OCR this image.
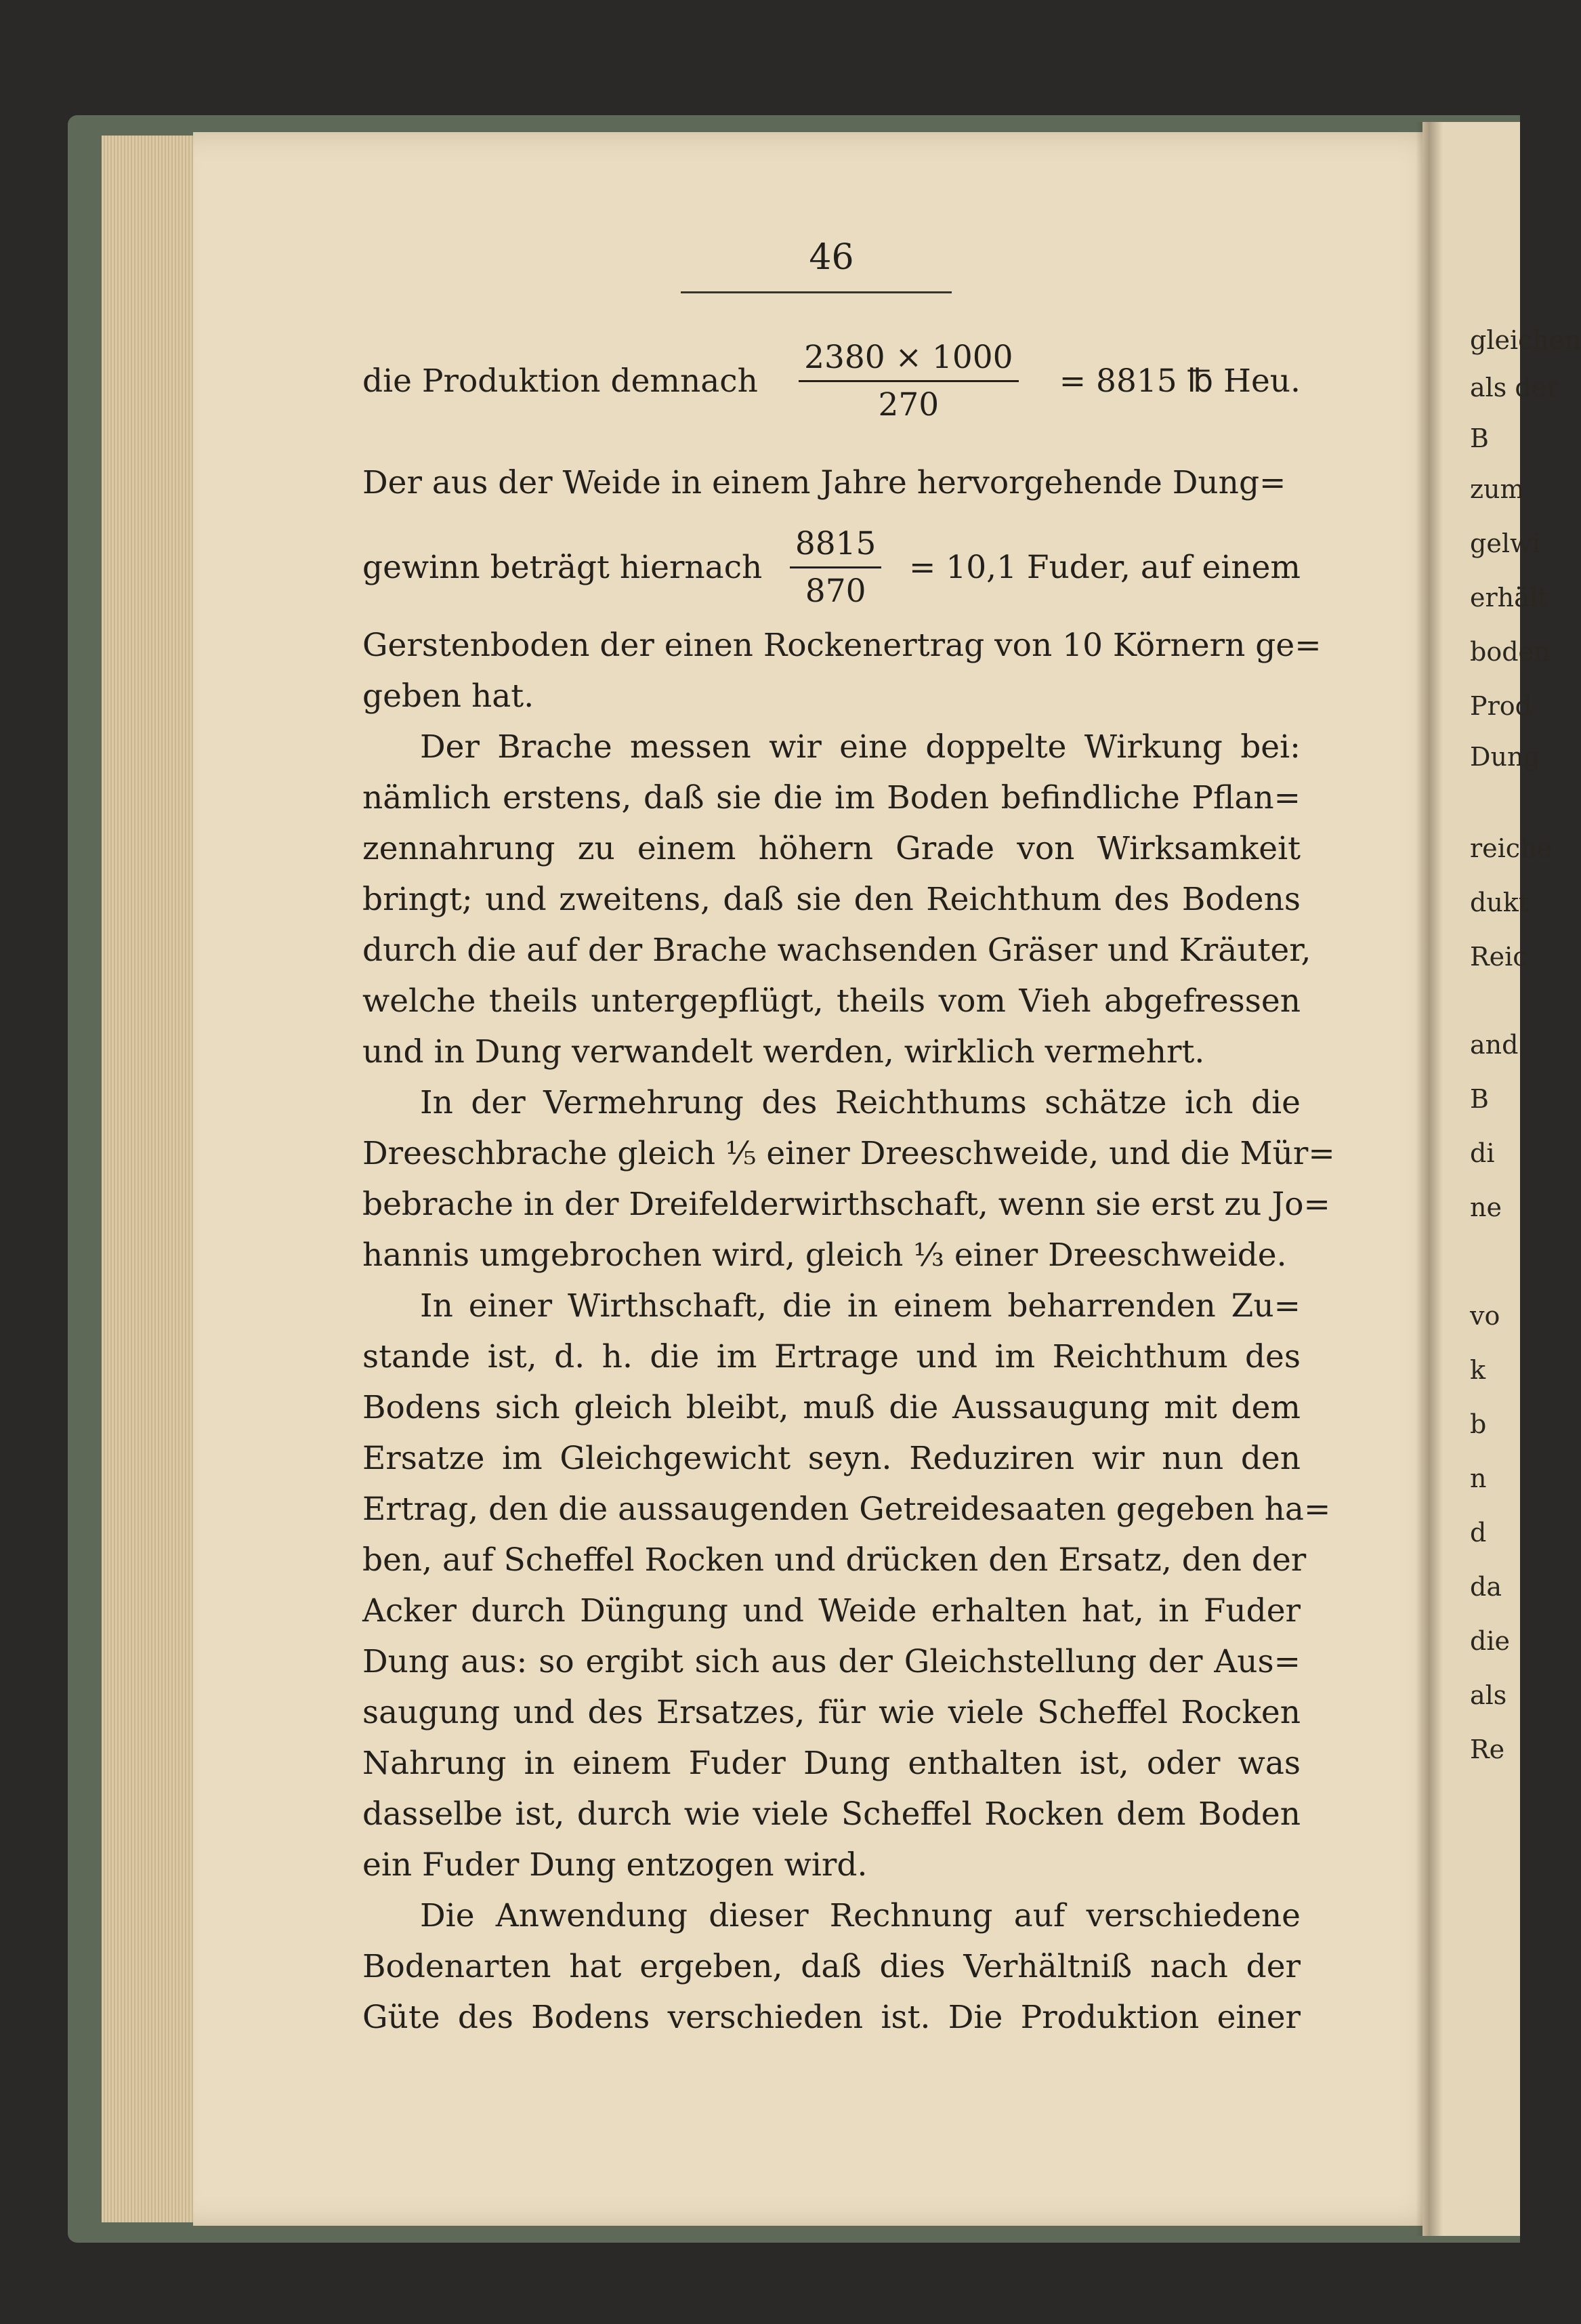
gleichen
als der
B
zum
gelwi
erhält
boden
Prod
Dung
reiche
dukt
Reic
and
B
di
ne
vo
k
b
n
d
da
die
als
Re
46
die Produktion demnach $\frac{2380 \times 1000}{270} = 8815$ ℔ Heu.
Der aus der Weide in einem Jahre hervorgehende Dung=
gewinn beträgt hiernach $\frac{8815}{870} = 10,1$ Fuder, auf einem
Gerstenboden der einen Rockenertrag von 10 Körnern ge=
geben hat.
Der Brache messen wir eine doppelte Wirkung bei:
nämlich erstens, daß sie die im Boden befindliche Pflan=
zennahrung zu einem höhern Grade von Wirksamkeit
bringt; und zweitens, daß sie den Reichthum des Bodens
durch die auf der Brache wachsenden Gräser und Kräuter,
welche theils untergepflügt, theils vom Vieh abgefressen
und in Dung verwandelt werden, wirklich vermehrt.
In der Vermehrung des Reichthums schätze ich die
Dreeschbrache gleich ⅕ einer Dreeschweide, und die Mür=
bebrache in der Dreifelderwirthschaft, wenn sie erst zu Jo=
hannis umgebrochen wird, gleich ⅓ einer Dreeschweide.
In einer Wirthschaft, die in einem beharrenden Zu=
stande ist, d. h. die im Ertrage und im Reichthum des
Bodens sich gleich bleibt, muß die Aussaugung mit dem
Ersatze im Gleichgewicht seyn. Reduziren wir nun den
Ertrag, den die aussaugenden Getreidesaaten gegeben ha=
ben, auf Scheffel Rocken und drücken den Ersatz, den der
Acker durch Düngung und Weide erhalten hat, in Fuder
Dung aus: so ergibt sich aus der Gleichstellung der Aus=
saugung und des Ersatzes, für wie viele Scheffel Rocken
Nahrung in einem Fuder Dung enthalten ist, oder was
dasselbe ist, durch wie viele Scheffel Rocken dem Boden
ein Fuder Dung entzogen wird.
Die Anwendung dieser Rechnung auf verschiedene
Bodenarten hat ergeben, daß dies Verhältniß nach der
Güte des Bodens verschieden ist. Die Produktion einer
